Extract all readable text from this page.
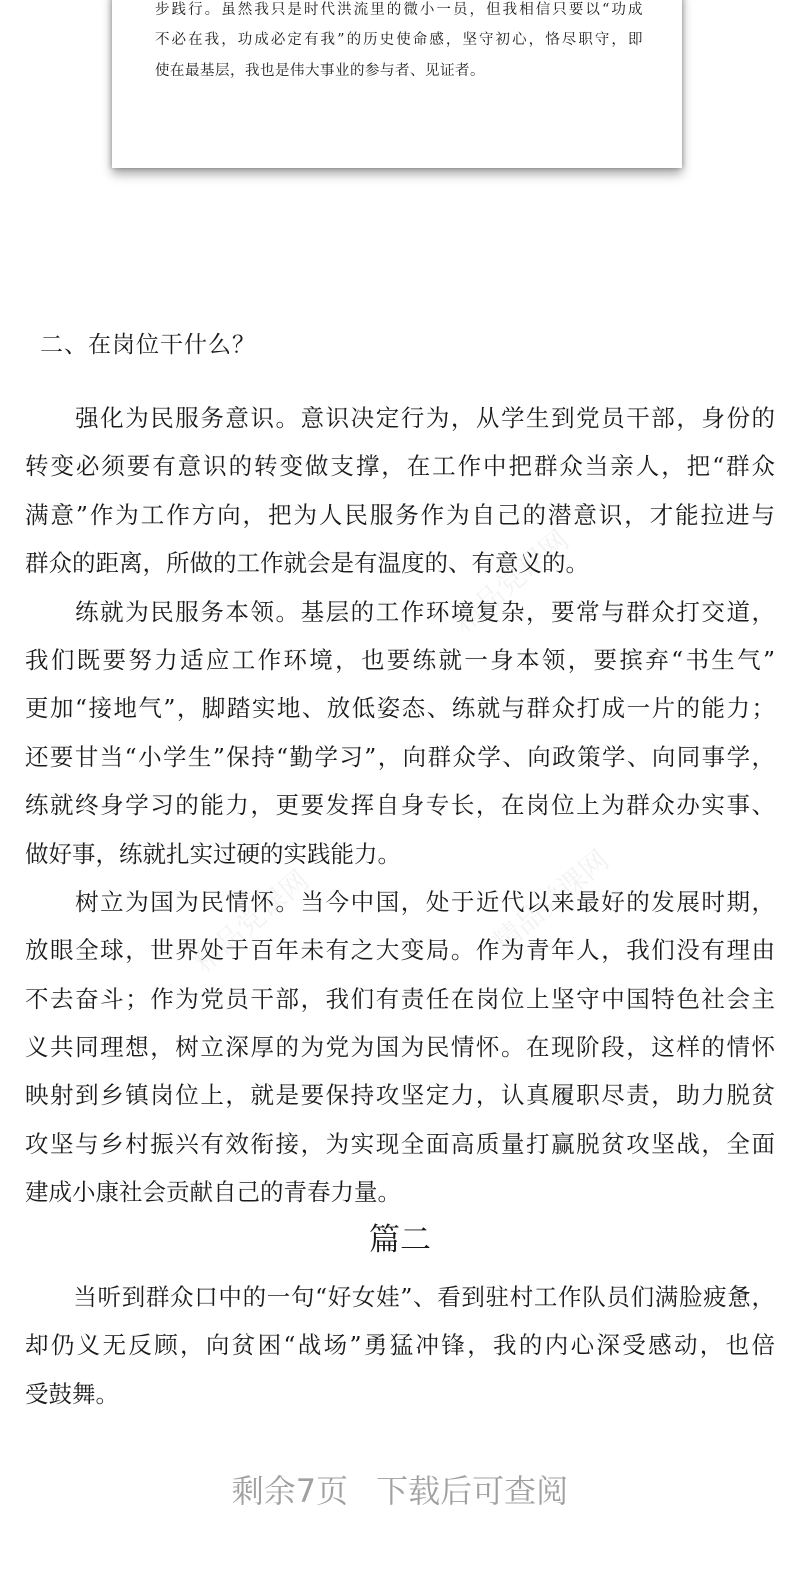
步践行。虽然我只是时代洪流里的微小一员，但我相信只要以“功成
不必在我，功成必定有我”的历史使命感，坚守初心，恪尽职守，即
使在最基层，我也是伟大事业的参与者、见证者。
精品党课网
精品党课网
精品党课网
二、在岗位干什么？
　　强化为民服务意识。意识决定行为，从学生到党员干部，身份的
转变必须要有意识的转变做支撑，在工作中把群众当亲人，把“群众
满意”作为工作方向，把为人民服务作为自己的潜意识，才能拉进与
群众的距离，所做的工作就会是有温度的、有意义的。
　　练就为民服务本领。基层的工作环境复杂，要常与群众打交道，
我们既要努力适应工作环境，也要练就一身本领，要摈弃“书生气”
更加“接地气”，脚踏实地、放低姿态、练就与群众打成一片的能力；
还要甘当“小学生”保持“勤学习”，向群众学、向政策学、向同事学，
练就终身学习的能力，更要发挥自身专长，在岗位上为群众办实事、
做好事，练就扎实过硬的实践能力。
　　树立为国为民情怀。当今中国，处于近代以来最好的发展时期，
放眼全球，世界处于百年未有之大变局。作为青年人，我们没有理由
不去奋斗；作为党员干部，我们有责任在岗位上坚守中国特色社会主
义共同理想，树立深厚的为党为国为民情怀。在现阶段，这样的情怀
映射到乡镇岗位上，就是要保持攻坚定力，认真履职尽责，助力脱贫
攻坚与乡村振兴有效衔接，为实现全面高质量打赢脱贫攻坚战，全面
建成小康社会贡献自己的青春力量。
篇二
　　当听到群众口中的一句“好女娃”、看到驻村工作队员们满脸疲惫，
却仍义无反顾，向贫困“战场”勇猛冲锋，我的内心深受感动，也倍
受鼓舞。
剩余7页 下载后可查阅
